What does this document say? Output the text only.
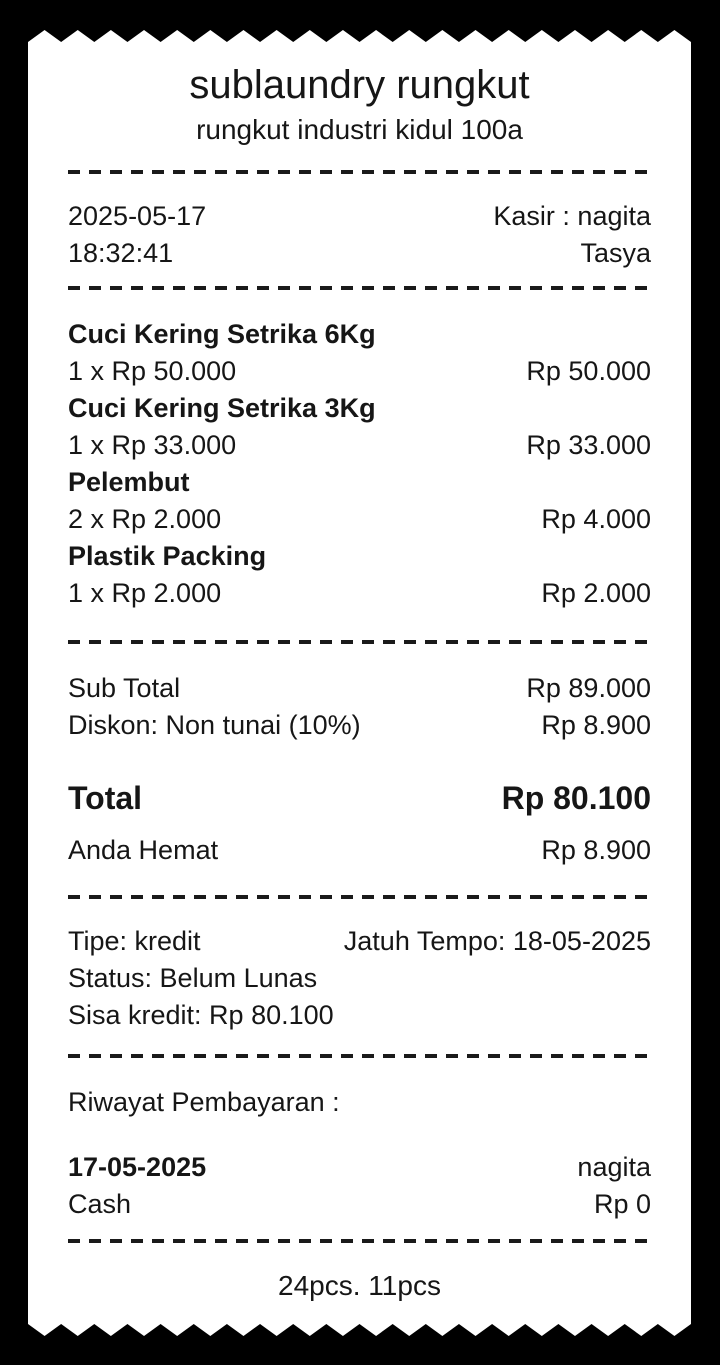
sublaundry rungkut
rungkut industri kidul 100a
2025-05-17	Kasir : nagita
18:32:41	Tasya
Cuci Kering Setrika 6Kg
1 x Rp 50.000	Rp 50.000
Cuci Kering Setrika 3Kg
1 x Rp 33.000	Rp 33.000
Pelembut
2 x Rp 2.000	Rp 4.000
Plastik Packing
1 x Rp 2.000	Rp 2.000
Sub Total	Rp 89.000
Diskon: Non tunai (10%)	Rp 8.900
Total	Rp 80.100
Anda Hemat	Rp 8.900
Tipe: kredit	Jatuh Tempo: 18-05-2025
Status: Belum Lunas
Sisa kredit: Rp 80.100
Riwayat Pembayaran :
17-05-2025	nagita
Cash	Rp 0
24pcs. 11pcs
